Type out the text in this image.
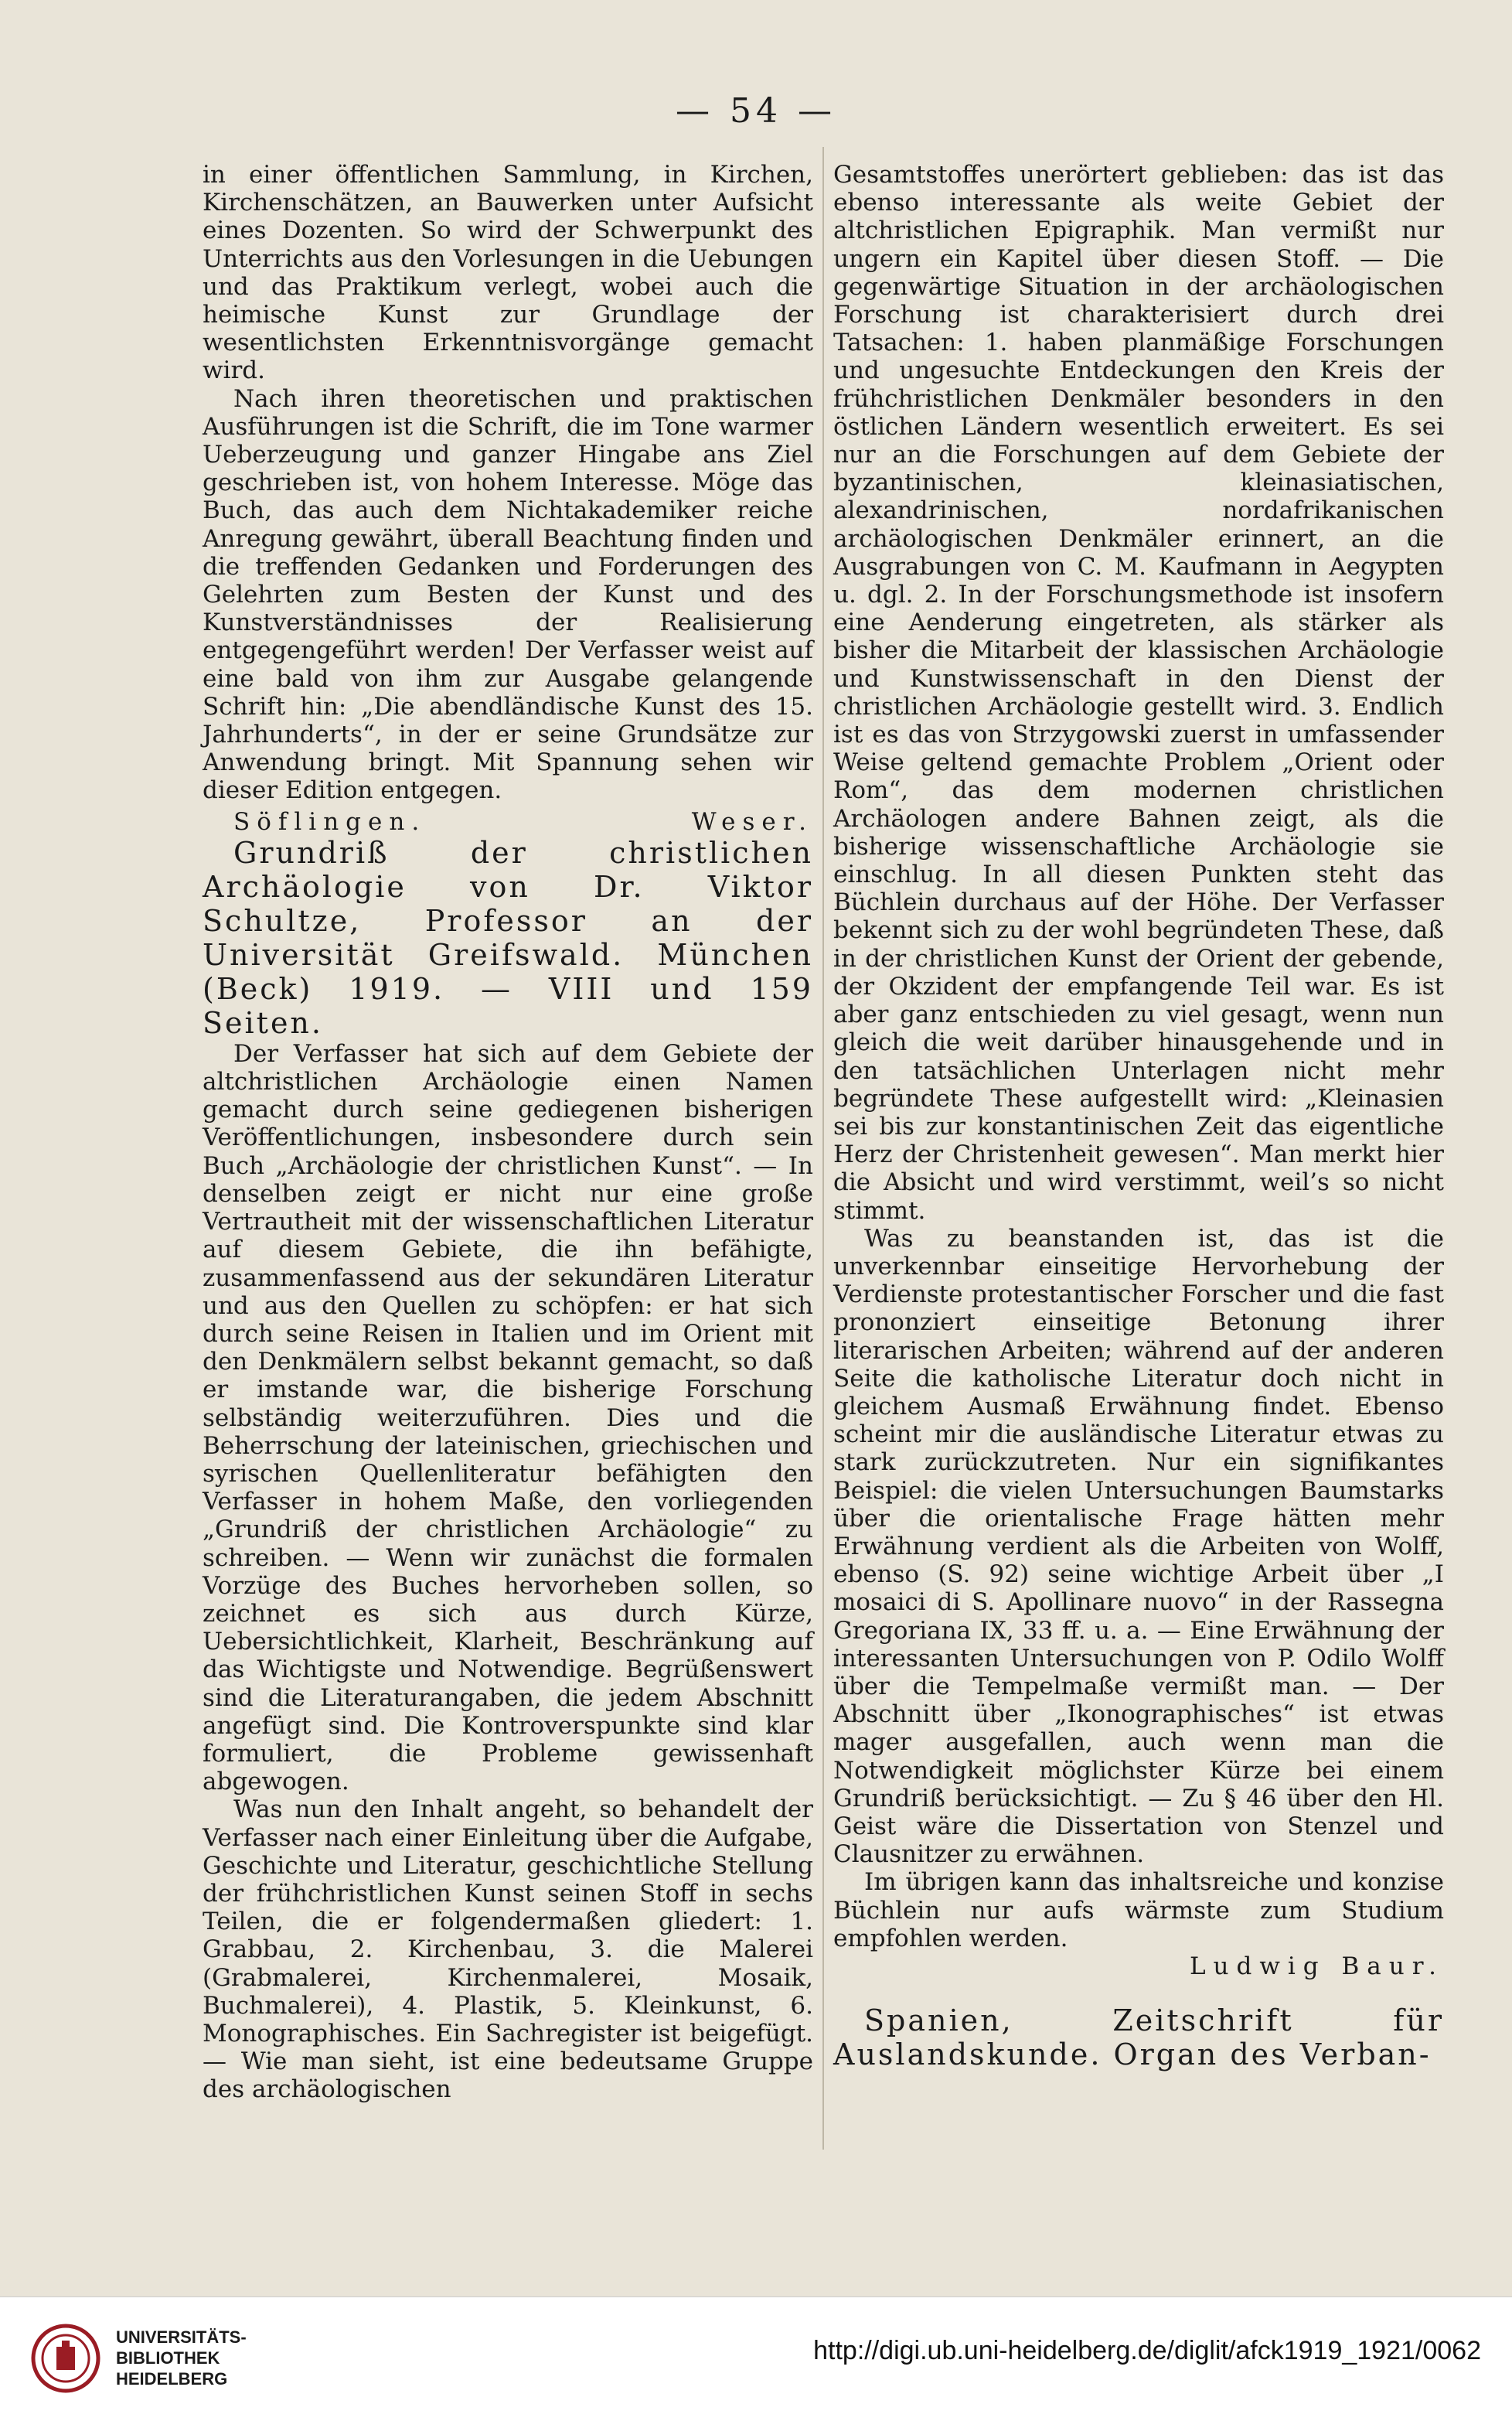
— 54 —

in einer öffentlichen Sammlung, in Kirchen, Kirchenschätzen, an Bauwerken unter Aufsicht eines Dozenten. So wird der Schwerpunkt des Unterrichts aus den Vorlesungen in die Uebungen und das Praktikum verlegt, wobei auch die heimische Kunst zur Grundlage der wesentlichsten Erkenntnisvorgänge gemacht wird.

Nach ihren theoretischen und praktischen Ausführungen ist die Schrift, die im Tone warmer Ueberzeugung und ganzer Hingabe ans Ziel geschrieben ist, von hohem Interesse. Möge das Buch, das auch dem Nichtakademiker reiche Anregung gewährt, überall Beachtung finden und die treffenden Gedanken und Forderungen des Gelehrten zum Besten der Kunst und des Kunstverständnisses der Realisierung entgegengeführt werden! Der Verfasser weist auf eine bald von ihm zur Ausgabe gelangende Schrift hin: „Die abendländische Kunst des 15. Jahrhunderts“, in der er seine Grundsätze zur Anwendung bringt. Mit Spannung sehen wir dieser Edition entgegen.

Söflingen.	Weser.

Grundriß der christlichen Archäologie von Dr. Viktor Schultze, Professor an der Universität Greifswald. München (Beck) 1919. — VIII und 159 Seiten.

Der Verfasser hat sich auf dem Gebiete der altchristlichen Archäologie einen Namen gemacht durch seine gediegenen bisherigen Veröffentlichungen, insbesondere durch sein Buch „Archäologie der christlichen Kunst“. — In denselben zeigt er nicht nur eine große Vertrautheit mit der wissenschaftlichen Literatur auf diesem Gebiete, die ihn befähigte, zusammenfassend aus der sekundären Literatur und aus den Quellen zu schöpfen: er hat sich durch seine Reisen in Italien und im Orient mit den Denkmälern selbst bekannt gemacht, so daß er imstande war, die bisherige Forschung selbständig weiterzuführen. Dies und die Beherrschung der lateinischen, griechischen und syrischen Quellenliteratur befähigten den Verfasser in hohem Maße, den vorliegenden „Grundriß der christlichen Archäologie“ zu schreiben. — Wenn wir zunächst die formalen Vorzüge des Buches hervorheben sollen, so zeichnet es sich aus durch Kürze, Uebersichtlichkeit, Klarheit, Beschränkung auf das Wichtigste und Notwendige. Begrüßenswert sind die Literaturangaben, die jedem Abschnitt angefügt sind. Die Kontroverspunkte sind klar formuliert, die Probleme gewissenhaft abgewogen.

Was nun den Inhalt angeht, so behandelt der Verfasser nach einer Einleitung über die Aufgabe, Geschichte und Literatur, geschichtliche Stellung der frühchristlichen Kunst seinen Stoff in sechs Teilen, die er folgendermaßen gliedert: 1. Grabbau, 2. Kirchenbau, 3. die Malerei (Grabmalerei, Kirchenmalerei, Mosaik, Buchmalerei), 4. Plastik, 5. Kleinkunst, 6. Monographisches. Ein Sachregister ist beigefügt. — Wie man sieht, ist eine bedeutsame Gruppe des archäologischen

Gesamtstoffes unerörtert geblieben: das ist das ebenso interessante als weite Gebiet der altchristlichen Epigraphik. Man vermißt nur ungern ein Kapitel über diesen Stoff. — Die gegenwärtige Situation in der archäologischen Forschung ist charakterisiert durch drei Tatsachen: 1. haben planmäßige Forschungen und ungesuchte Entdeckungen den Kreis der frühchristlichen Denkmäler besonders in den östlichen Ländern wesentlich erweitert. Es sei nur an die Forschungen auf dem Gebiete der byzantinischen, kleinasiatischen, alexandrinischen, nordafrikanischen archäologischen Denkmäler erinnert, an die Ausgrabungen von C. M. Kaufmann in Aegypten u. dgl. 2. In der Forschungsmethode ist insofern eine Aenderung eingetreten, als stärker als bisher die Mitarbeit der klassischen Archäologie und Kunstwissenschaft in den Dienst der christlichen Archäologie gestellt wird. 3. Endlich ist es das von Strzygowski zuerst in umfassender Weise geltend gemachte Problem „Orient oder Rom“, das dem modernen christlichen Archäologen andere Bahnen zeigt, als die bisherige wissenschaftliche Archäologie sie einschlug. In all diesen Punkten steht das Büchlein durchaus auf der Höhe. Der Verfasser bekennt sich zu der wohl begründeten These, daß in der christlichen Kunst der Orient der gebende, der Okzident der empfangende Teil war. Es ist aber ganz entschieden zu viel gesagt, wenn nun gleich die weit darüber hinausgehende und in den tatsächlichen Unterlagen nicht mehr begründete These aufgestellt wird: „Kleinasien sei bis zur konstantinischen Zeit das eigentliche Herz der Christenheit gewesen“. Man merkt hier die Absicht und wird verstimmt, weil’s so nicht stimmt.

Was zu beanstanden ist, das ist die unverkennbar einseitige Hervorhebung der Verdienste protestantischer Forscher und die fast prononziert einseitige Betonung ihrer literarischen Arbeiten; während auf der anderen Seite die katholische Literatur doch nicht in gleichem Ausmaß Erwähnung findet. Ebenso scheint mir die ausländische Literatur etwas zu stark zurückzutreten. Nur ein signifikantes Beispiel: die vielen Untersuchungen Baumstarks über die orientalische Frage hätten mehr Erwähnung verdient als die Arbeiten von Wolff, ebenso (S. 92) seine wichtige Arbeit über „I mosaici di S. Apollinare nuovo“ in der Rassegna Gregoriana IX, 33 ff. u. a. — Eine Erwähnung der interessanten Untersuchungen von P. Odilo Wolff über die Tempelmaße vermißt man. — Der Abschnitt über „Ikonographisches“ ist etwas mager ausgefallen, auch wenn man die Notwendigkeit möglichster Kürze bei einem Grundriß berücksichtigt. — Zu § 46 über den Hl. Geist wäre die Dissertation von Stenzel und Clausnitzer zu erwähnen.

Im übrigen kann das inhaltsreiche und konzise Büchlein nur aufs wärmste zum Studium empfohlen werden.

Ludwig Baur.

Spanien, Zeitschrift für Auslandskunde. Organ des Verban-

UNIVERSITÄTS-
BIBLIOTHEK
HEIDELBERG
http://digi.ub.uni-heidelberg.de/diglit/afck1919_1921/0062
